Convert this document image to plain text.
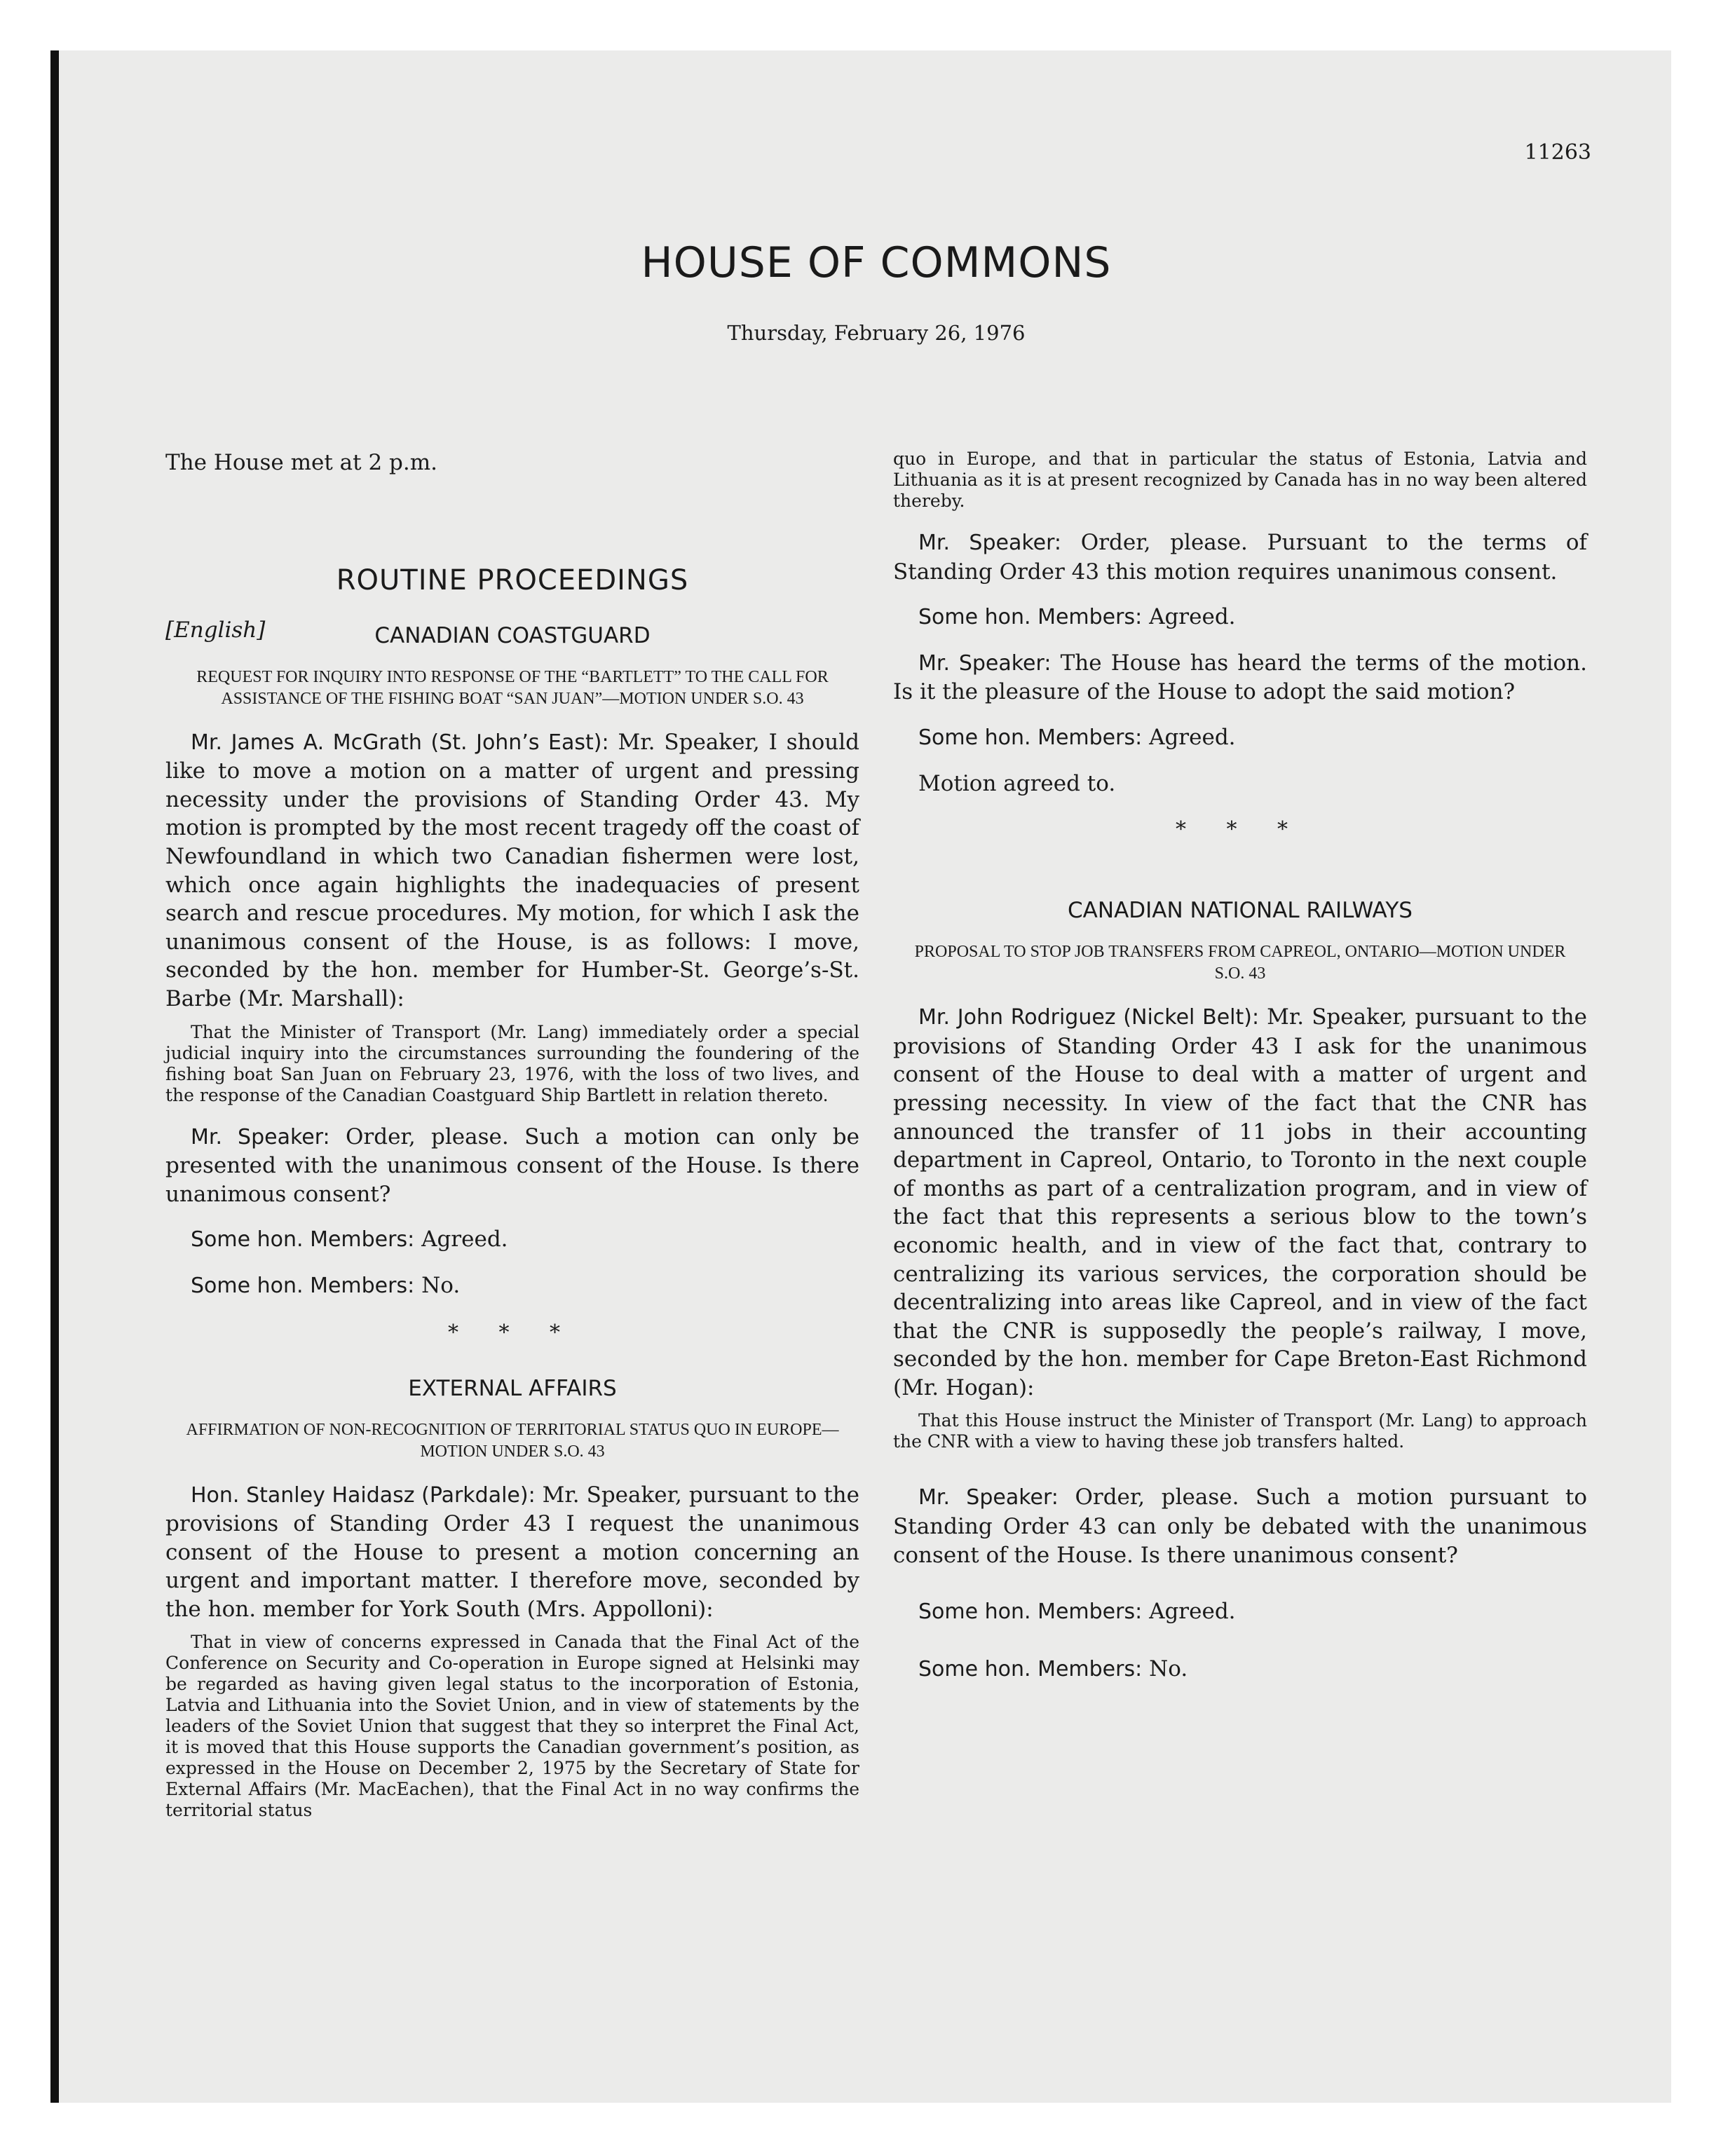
11263
HOUSE OF COMMONS
Thursday, February 26, 1976

The House met at 2 p.m.

ROUTINE PROCEEDINGS
[English]	CANADIAN COASTGUARD
REQUEST FOR INQUIRY INTO RESPONSE OF THE “BARTLETT” TO THE CALL FOR ASSISTANCE OF THE FISHING BOAT “SAN JUAN”—MOTION UNDER S.O. 43

Mr. James A. McGrath (St. John’s East): Mr. Speaker, I should like to move a motion on a matter of urgent and pressing necessity under the provisions of Standing Order 43. My motion is prompted by the most recent tragedy off the coast of Newfoundland in which two Canadian fishermen were lost, which once again highlights the inadequacies of present search and rescue procedures. My motion, for which I ask the unanimous consent of the House, is as follows: I move, seconded by the hon. member for Humber-St. George’s-St. Barbe (Mr. Marshall):

That the Minister of Transport (Mr. Lang) immediately order a special judicial inquiry into the circumstances surrounding the foundering of the fishing boat San Juan on February 23, 1976, with the loss of two lives, and the response of the Canadian Coastguard Ship Bartlett in relation thereto.

Mr. Speaker: Order, please. Such a motion can only be presented with the unanimous consent of the House. Is there unanimous consent?

Some hon. Members: Agreed.

Some hon. Members: No.

* * *
EXTERNAL AFFAIRS
AFFIRMATION OF NON-RECOGNITION OF TERRITORIAL STATUS QUO IN EUROPE—MOTION UNDER S.O. 43

Hon. Stanley Haidasz (Parkdale): Mr. Speaker, pursuant to the provisions of Standing Order 43 I request the unanimous consent of the House to present a motion concerning an urgent and important matter. I therefore move, seconded by the hon. member for York South (Mrs. Appolloni):

That in view of concerns expressed in Canada that the Final Act of the Conference on Security and Co-operation in Europe signed at Helsinki may be regarded as having given legal status to the incorporation of Estonia, Latvia and Lithuania into the Soviet Union, and in view of statements by the leaders of the Soviet Union that suggest that they so interpret the Final Act, it is moved that this House supports the Canadian government’s position, as expressed in the House on December 2, 1975 by the Secretary of State for External Affairs (Mr. MacEachen), that the Final Act in no way confirms the territorial status

quo in Europe, and that in particular the status of Estonia, Latvia and Lithuania as it is at present recognized by Canada has in no way been altered thereby.

Mr. Speaker: Order, please. Pursuant to the terms of Standing Order 43 this motion requires unanimous consent.

Some hon. Members: Agreed.

Mr. Speaker: The House has heard the terms of the motion. Is it the pleasure of the House to adopt the said motion?

Some hon. Members: Agreed.

Motion agreed to.

* * *
CANADIAN NATIONAL RAILWAYS
PROPOSAL TO STOP JOB TRANSFERS FROM CAPREOL, ONTARIO—MOTION UNDER S.O. 43

Mr. John Rodriguez (Nickel Belt): Mr. Speaker, pursuant to the provisions of Standing Order 43 I ask for the unanimous consent of the House to deal with a matter of urgent and pressing necessity. In view of the fact that the CNR has announced the transfer of 11 jobs in their accounting department in Capreol, Ontario, to Toronto in the next couple of months as part of a centralization program, and in view of the fact that this represents a serious blow to the town’s economic health, and in view of the fact that, contrary to centralizing its various services, the corporation should be decentralizing into areas like Capreol, and in view of the fact that the CNR is supposedly the people’s railway, I move, seconded by the hon. member for Cape Breton-East Richmond (Mr. Hogan):

That this House instruct the Minister of Transport (Mr. Lang) to approach the CNR with a view to having these job transfers halted.

Mr. Speaker: Order, please. Such a motion pursuant to Standing Order 43 can only be debated with the unanimous consent of the House. Is there unanimous consent?

Some hon. Members: Agreed.

Some hon. Members: No.
